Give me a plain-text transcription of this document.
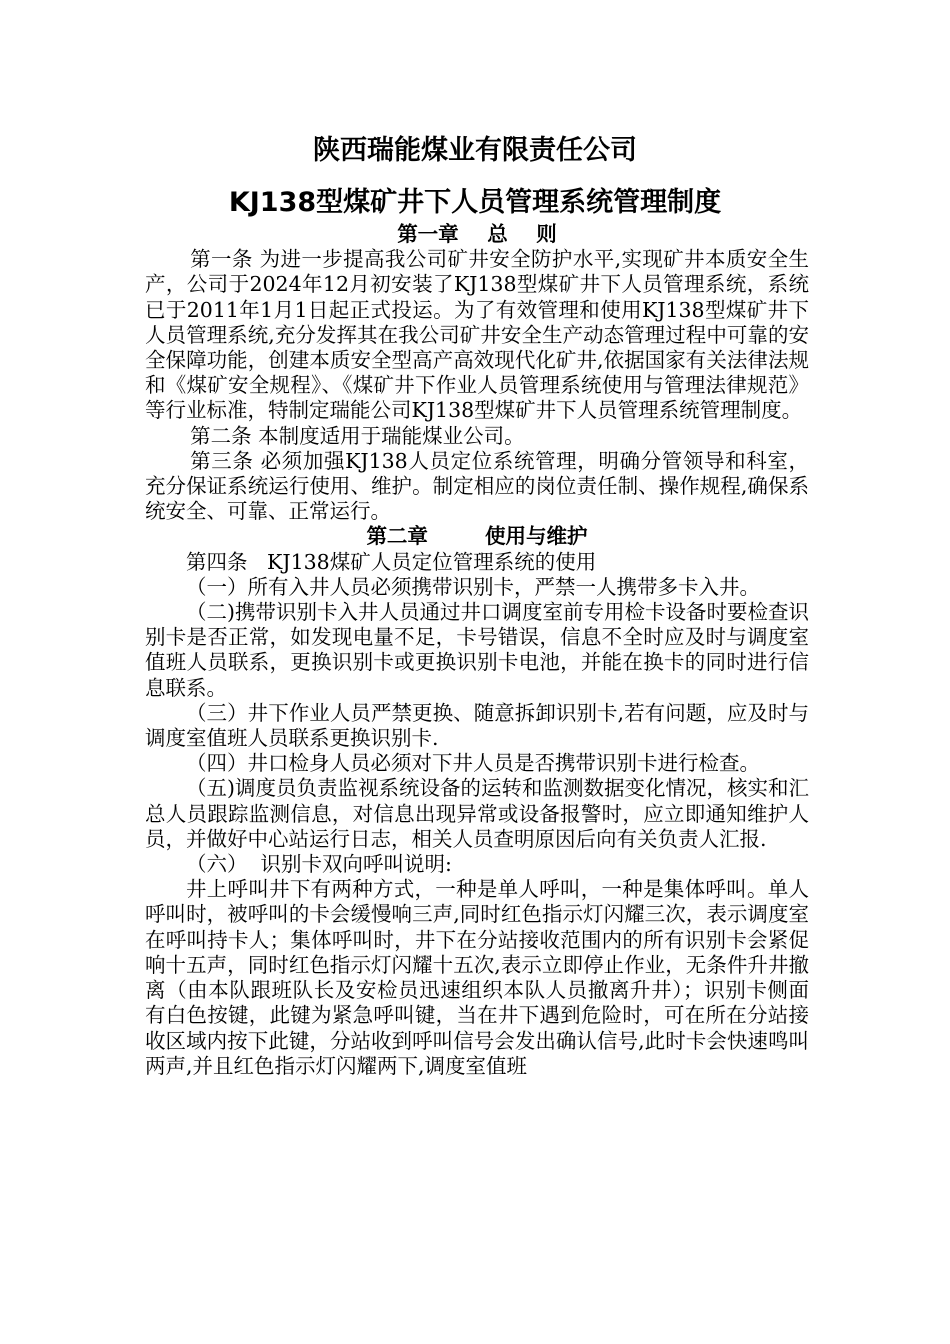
陕西瑞能煤业有限责任公司
KJ138型煤矿井下人员管理系统管理制度

第一章    总    则

第一条 为进一步提高我公司矿井安全防护水平,实现矿井本质安全生产，公司于2024年12月初安装了KJ138型煤矿井下人员管理系统，系统已于2011年1月1日起正式投运。为了有效管理和使用KJ138型煤矿井下人员管理系统,充分发挥其在我公司矿井安全生产动态管理过程中可靠的安全保障功能，创建本质安全型高产高效现代化矿井,依据国家有关法律法规和《煤矿安全规程》、《煤矿井下作业人员管理系统使用与管理法律规范》等行业标准，特制定瑞能公司KJ138型煤矿井下人员管理系统管理制度。

第二条 本制度适用于瑞能煤业公司。

第三条 必须加强KJ138人员定位系统管理，明确分管领导和科室，充分保证系统运行使用、维护。制定相应的岗位责任制、操作规程,确保系统安全、可靠、正常运行。

第二章        使用与维护

第四条   KJ138煤矿人员定位管理系统的使用

（一）所有入井人员必须携带识别卡，严禁一人携带多卡入井。

（二)携带识别卡入井人员通过井口调度室前专用检卡设备时要检查识别卡是否正常，如发现电量不足，卡号错误，信息不全时应及时与调度室值班人员联系，更换识别卡或更换识别卡电池，并能在换卡的同时进行信息联系。

（三）井下作业人员严禁更换、随意拆卸识别卡,若有问题，应及时与调度室值班人员联系更换识别卡.

（四）井口检身人员必须对下井人员是否携带识别卡进行检查。

（五)调度员负责监视系统设备的运转和监测数据变化情况，核实和汇总人员跟踪监测信息，对信息出现异常或设备报警时，应立即通知维护人员，并做好中心站运行日志，相关人员查明原因后向有关负责人汇报.

（六）  识别卡双向呼叫说明:

井上呼叫井下有两种方式，一种是单人呼叫，一种是集体呼叫。单人呼叫时，被呼叫的卡会缓慢响三声,同时红色指示灯闪耀三次，表示调度室在呼叫持卡人；集体呼叫时，井下在分站接收范围内的所有识别卡会紧促响十五声，同时红色指示灯闪耀十五次,表示立即停止作业，无条件升井撤离（由本队跟班队长及安检员迅速组织本队人员撤离升井）；识别卡侧面有白色按键，此键为紧急呼叫键，当在井下遇到危险时，可在所在分站接收区域内按下此键，分站收到呼叫信号会发出确认信号,此时卡会快速鸣叫两声,并且红色指示灯闪耀两下,调度室值班
